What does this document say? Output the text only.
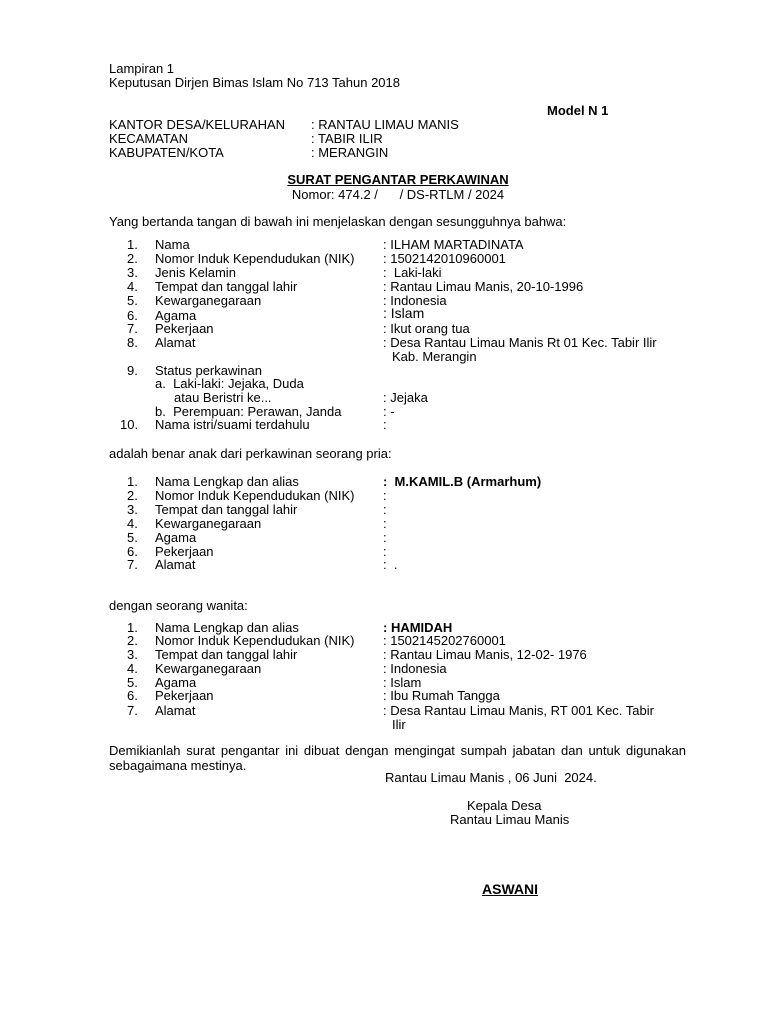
Lampiran 1
Keputusan Dirjen Bimas Islam No 713 Tahun 2018
Model N 1
KANTOR DESA/KELURAHAN : RANTAU LIMAU MANIS
KECAMATAN	: TABIR ILIR
KABUPATEN/KOTA	: MERANGIN
SURAT PENGANTAR PERKAWINAN
Nomor: 474.2 /      / DS-RTLM / 2024
Yang bertanda tangan di bawah ini menjelaskan dengan sesungguhnya bahwa:
1. Nama	: ILHAM MARTADINATA
2. Nomor Induk Kependudukan (NIK) : 1502142010960001
3. Jenis Kelamin	:  Laki-laki
4. Tempat dan tanggal lahir	: Rantau Limau Manis, 20-10-1996
5. Kewarganegaraan	: Indonesia
6. Agama	: Islam
7. Pekerjaan	: Ikut orang tua
8. Alamat	: Desa Rantau Limau Manis Rt 01 Kec. Tabir Ilir
Kab. Merangin
9. Status perkawinan
a.  Laki-laki: Jejaka, Duda
atau Beristri ke...	: Jejaka
b.  Perempuan: Perawan, Janda	: -
10. Nama istri/suami terdahulu	:
adalah benar anak dari perkawinan seorang pria:
1. Nama Lengkap dan alias	:  M.KAMIL.B (Armarhum)
2. Nomor Induk Kependudukan (NIK) :
3. Tempat dan tanggal lahir	:
4. Kewarganegaraan	:
5. Agama	:
6. Pekerjaan	:
7. Alamat	:  .
dengan seorang wanita:
1. Nama Lengkap dan alias	: HAMIDAH
2. Nomor Induk Kependudukan (NIK) : 1502145202760001
3. Tempat dan tanggal lahir	: Rantau Limau Manis, 12-02- 1976
4. Kewarganegaraan	: Indonesia
5. Agama	: Islam
6. Pekerjaan	: Ibu Rumah Tangga
7. Alamat	: Desa Rantau Limau Manis, RT 001 Kec. Tabir
Ilir
Demikianlah surat pengantar ini dibuat dengan mengingat sumpah jabatan dan untuk digunakan sebagaimana mestinya.
Rantau Limau Manis , 06 Juni  2024.
Kepala Desa
Rantau Limau Manis
ASWANI
